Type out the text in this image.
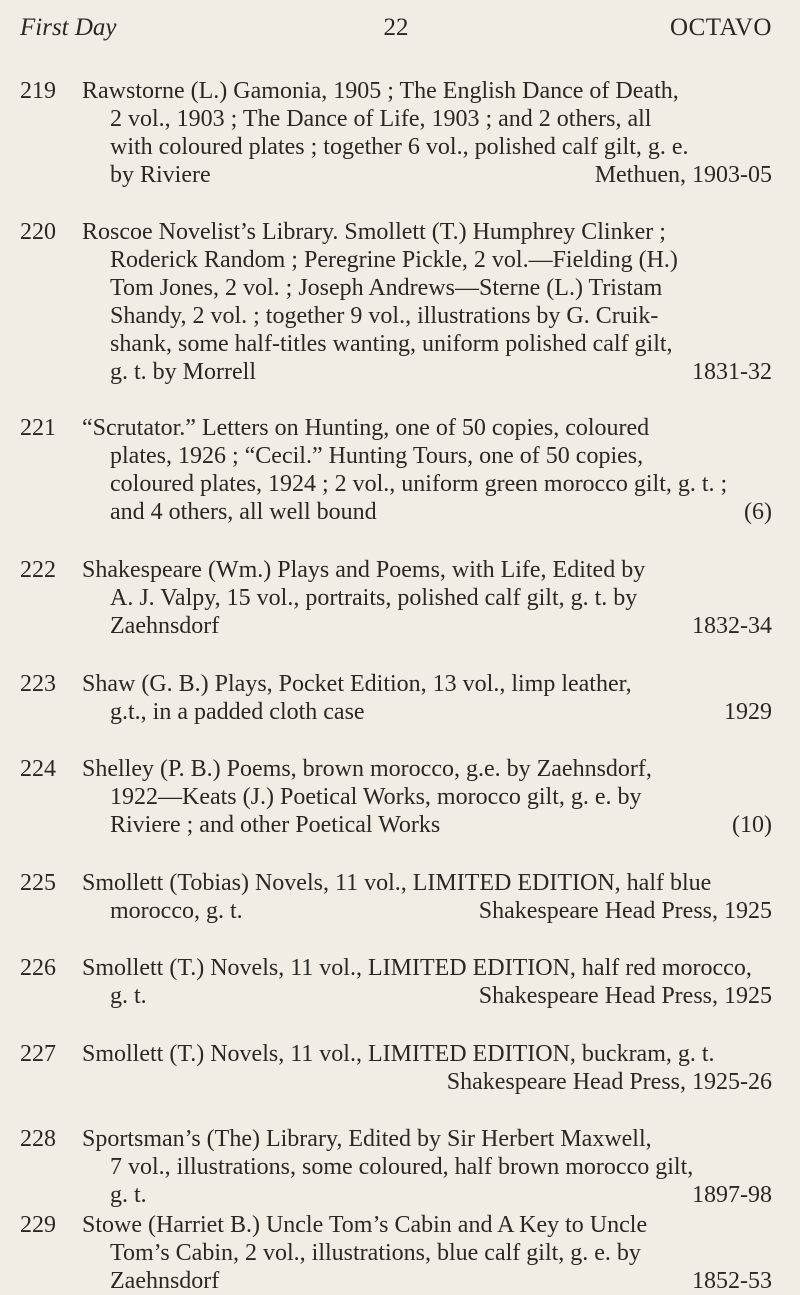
First Day	22	OCTAVO
219	Rawstorne (L.) Gamonia, 1905 ; The English Dance of Death,
2 vol., 1903 ; The Dance of Life, 1903 ; and 2 others, all
with coloured plates ; together 6 vol., polished calf gilt, g. e.
by Riviere	Methuen, 1903-05
220	Roscoe Novelist’s Library. Smollett (T.) Humphrey Clinker ;
Roderick Random ; Peregrine Pickle, 2 vol.—Fielding (H.)
Tom Jones, 2 vol. ; Joseph Andrews—Sterne (L.) Tristam
Shandy, 2 vol. ; together 9 vol., illustrations by G. Cruik-
shank, some half-titles wanting, uniform polished calf gilt,
g. t. by Morrell	1831-32
221	“Scrutator.” Letters on Hunting, one of 50 copies, coloured
plates, 1926 ; “Cecil.” Hunting Tours, one of 50 copies,
coloured plates, 1924 ; 2 vol., uniform green morocco gilt, g. t. ;
and 4 others, all well bound	(6)
222	Shakespeare (Wm.) Plays and Poems, with Life, Edited by
A. J. Valpy, 15 vol., portraits, polished calf gilt, g. t. by
Zaehnsdorf	1832-34
223	Shaw (G. B.) Plays, Pocket Edition, 13 vol., limp leather,
g.t., in a padded cloth case	1929
224	Shelley (P. B.) Poems, brown morocco, g.e. by Zaehnsdorf,
1922—Keats (J.) Poetical Works, morocco gilt, g. e. by
Riviere ; and other Poetical Works	(10)
225	Smollett (Tobias) Novels, 11 vol., LIMITED EDITION, half blue
morocco, g. t.	Shakespeare Head Press, 1925
226	Smollett (T.) Novels, 11 vol., LIMITED EDITION, half red morocco,
g. t.	Shakespeare Head Press, 1925
227	Smollett (T.) Novels, 11 vol., LIMITED EDITION, buckram, g. t.
Shakespeare Head Press, 1925-26
228	Sportsman’s (The) Library, Edited by Sir Herbert Maxwell,
7 vol., illustrations, some coloured, half brown morocco gilt,
g. t.	1897-98
229	Stowe (Harriet B.) Uncle Tom’s Cabin and A Key to Uncle
Tom’s Cabin, 2 vol., illustrations, blue calf gilt, g. e. by
Zaehnsdorf	1852-53
